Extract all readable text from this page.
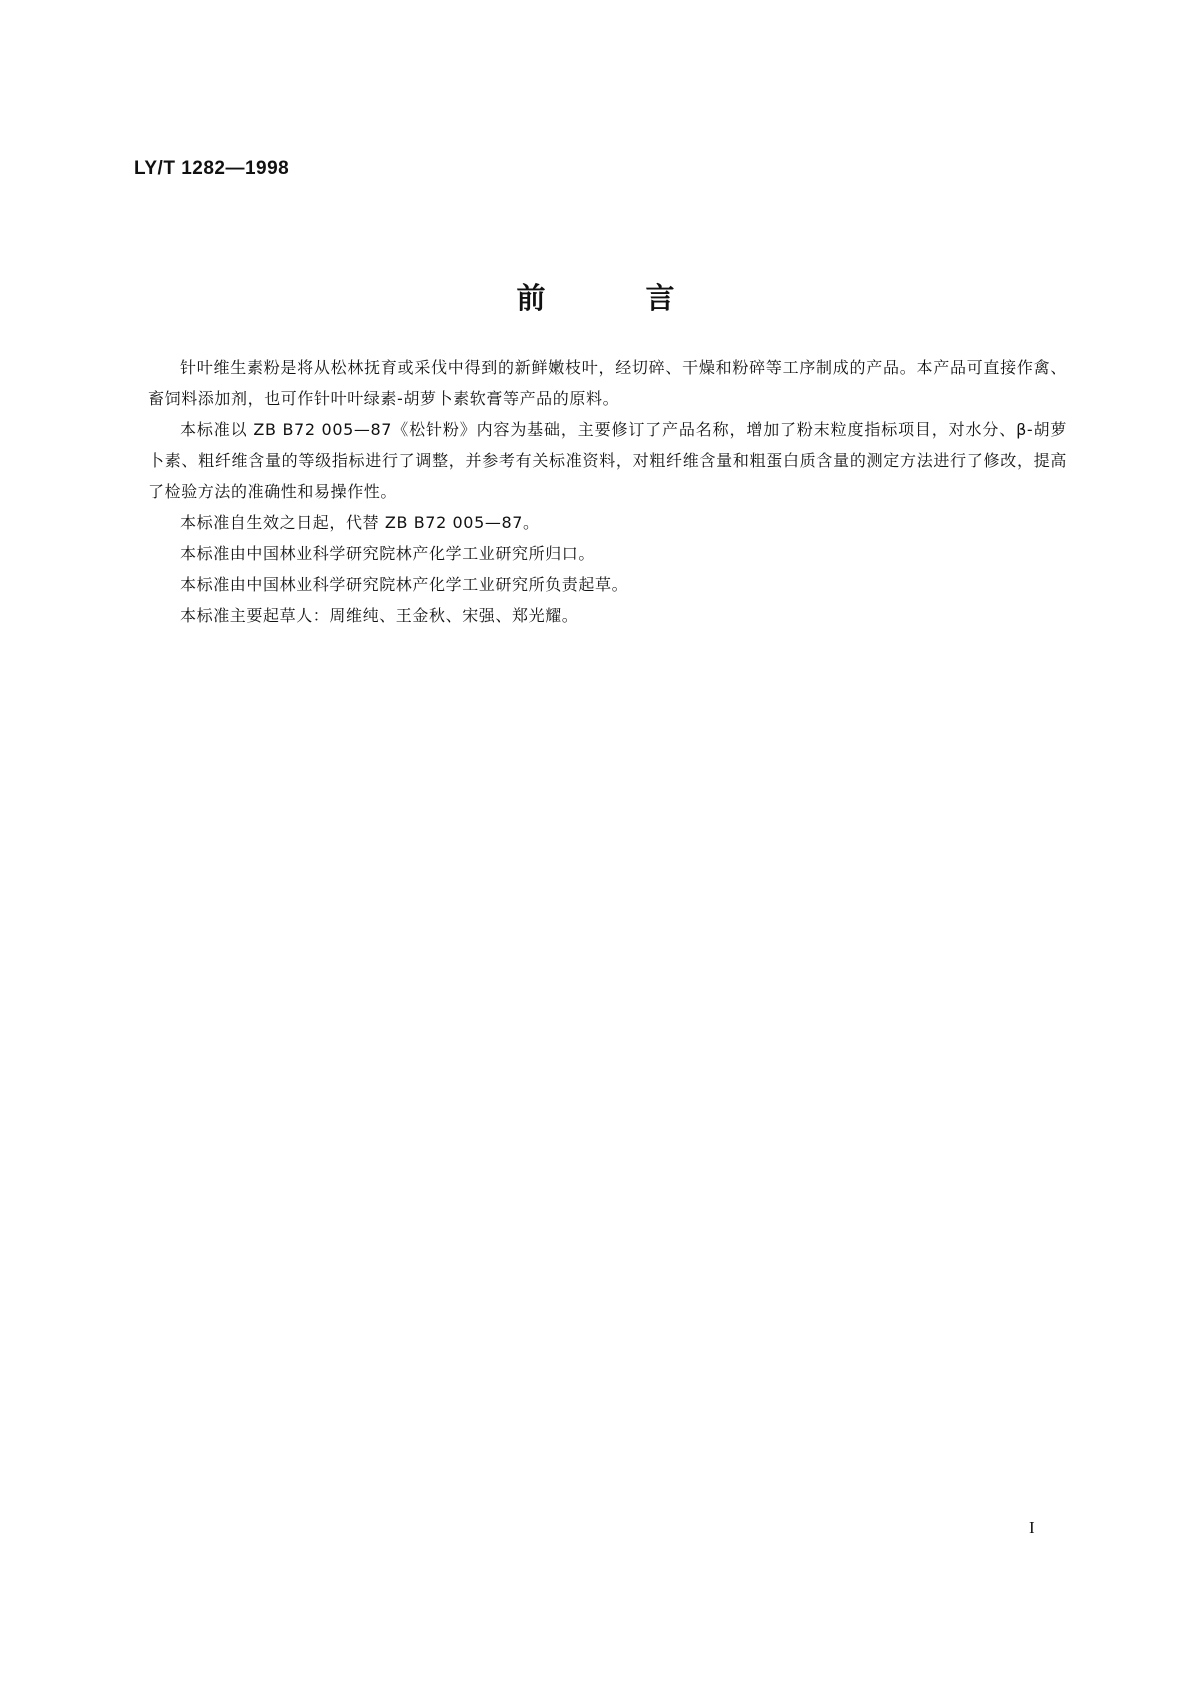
LY/T 1282—1998
前	言

针叶维生素粉是将从松林抚育或采伐中得到的新鲜嫩枝叶，经切碎、干燥和粉碎等工序制成的产品。本产品可直接作禽、畜饲料添加剂，也可作针叶叶绿素-胡萝卜素软膏等产品的原料。

本标准以 ZB B72 005—87《松针粉》内容为基础，主要修订了产品名称，增加了粉末粒度指标项目，对水分、β-胡萝卜素、粗纤维含量的等级指标进行了调整，并参考有关标准资料，对粗纤维含量和粗蛋白质含量的测定方法进行了修改，提高了检验方法的准确性和易操作性。

本标准自生效之日起，代替 ZB B72 005—87。

本标准由中国林业科学研究院林产化学工业研究所归口。

本标准由中国林业科学研究院林产化学工业研究所负责起草。

本标准主要起草人：周维纯、王金秋、宋强、郑光耀。

I
